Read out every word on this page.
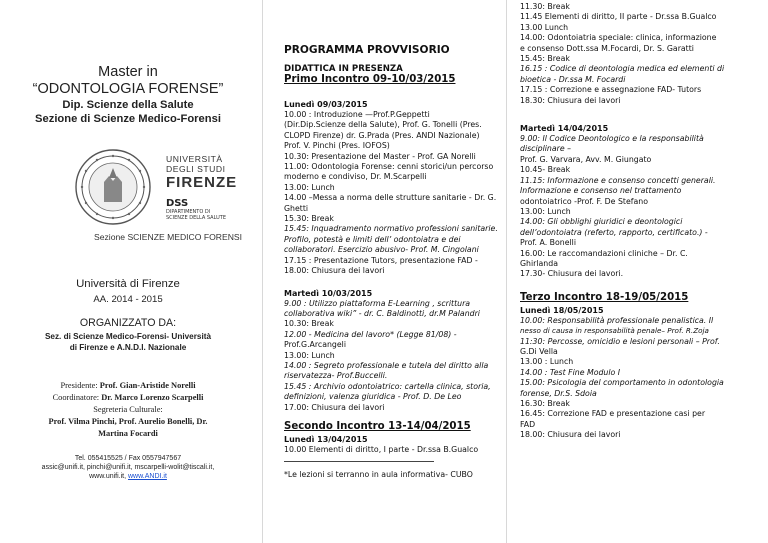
Master in
“ODONTOLOGIA FORENSE”
Dip. Scienze della Salute
Sezione di Scienze Medico-Forensi
UNIVERSITÀ
DEGLI STUDI
FIRENZE
DSS
DIPARTIMENTO DI
SCIENZE DELLA SALUTE
Sezione SCIENZE MEDICO FORENSI
Università di Firenze
AA. 2014 - 2015
ORGANIZZATO DA:
Sez. di Scienze Medico-Forensi- Università
di Firenze e A.N.D.I. Nazionale
Presidente: Prof. Gian-Aristide Norelli
Coordinatore: Dr. Marco Lorenzo Scarpelli
Segreteria Culturale:
Prof. Vilma Pinchi, Prof. Aurelio Bonelli, Dr.
Martina Focardi
Tel. 055415525 / Fax 0557947567
assic@unifi.it, pinchi@unifi.it, mscarpelli-wolit@tiscali.it,
www.unifi.it, www.ANDI.it
PROGRAMMA PROVVISORIO
DIDATTICA IN PRESENZA
Primo Incontro 09-10/03/2015
Lunedì 09/03/2015
10.00 : Introduzione —Prof.P.Geppetti
(Dir.Dip.Scienze della Salute), Prof. G. Tonelli (Pres.
CLOPD Firenze) dr. G.Prada (Pres. ANDI Nazionale)
Prof. V. Pinchi (Pres. IOFOS)
10.30: Presentazione del Master - Prof. GA Norelli
11.00: Odontologia Forense: cenni storici/un percorso
moderno e condiviso, Dr. M.Scarpelli
13.00: Lunch
14.00 –Messa a norma delle strutture sanitarie - Dr. G.
Ghetti
15.30: Break
15.45: Inquadramento normativo professioni sanitarie.
Profilo, potestà e limiti dell’ odontoiatra e dei
collaboratori. Esercizio abusivo- Prof. M. Cingolani
17.15 : Presentazione Tutors, presentazione FAD -
18.00: Chiusura dei lavori
Martedì 10/03/2015
9.00 : Utilizzo piattaforma E-Learning , scrittura
collaborativa wiki” - dr. C. Baldinotti, dr.M Palandri
10.30: Break
12.00 - Medicina del lavoro* (Legge 81/08) -
Prof.G.Arcangeli
13.00: Lunch
14.00 : Segreto professionale e tutela del diritto alla
riservatezza- Prof.Buccelli.
15.45 : Archivio odontoiatrico: cartella clinica, storia,
definizioni, valenza giuridica - Prof. D. De Leo
17.00: Chiusura dei lavori
Secondo Incontro 13-14/04/2015
Lunedì 13/04/2015
10.00 Elementi di diritto, I parte - Dr.ssa B.Gualco
*Le lezioni si terranno in aula informativa- CUBO
11.30: Break
11.45 Elementi di diritto, II parte - Dr.ssa B.Gualco
13.00 Lunch
14.00: Odontoiatria speciale: clinica, informazione
e consenso Dott.ssa M.Focardi, Dr. S. Garatti
15.45: Break
16.15 : Codice di deontologia medica ed elementi di
bioetica - Dr.ssa M. Focardi
17.15 : Correzione e assegnazione FAD- Tutors
18.30: Chiusura dei lavori
Martedì 14/04/2015
9.00: Il Codice Deontologico e la responsabilità
disciplinare –
Prof. G. Varvara, Avv. M. Giungato
10.45- Break
11.15: Informazione e consenso concetti generali.
Informazione e consenso nel trattamento
odontoiatrico -Prof. F. De Stefano
13.00: Lunch
14.00: Gli obblighi giuridici e deontologici
dell’odontoiatra (referto, rapporto, certificato.) -
Prof. A. Bonelli
16.00: Le raccomandazioni cliniche – Dr. C.
Ghirlanda
17.30- Chiusura dei lavori.
Terzo Incontro 18-19/05/2015
Lunedì 18/05/2015
10.00: Responsabilità professionale penalistica. Il
nesso di causa in responsabilità penale– Prof. R.Zoja
11:30: Percosse, omicidio e lesioni personali – Prof.
G.Di Vella
13.00 : Lunch
14.00 : Test Fine Modulo I
15.00: Psicologia del comportamento in odontologia
forense, Dr.S. Sdoia
16.30: Break
16.45: Correzione FAD e presentazione casi per
FAD
18.00: Chiusura dei lavori
